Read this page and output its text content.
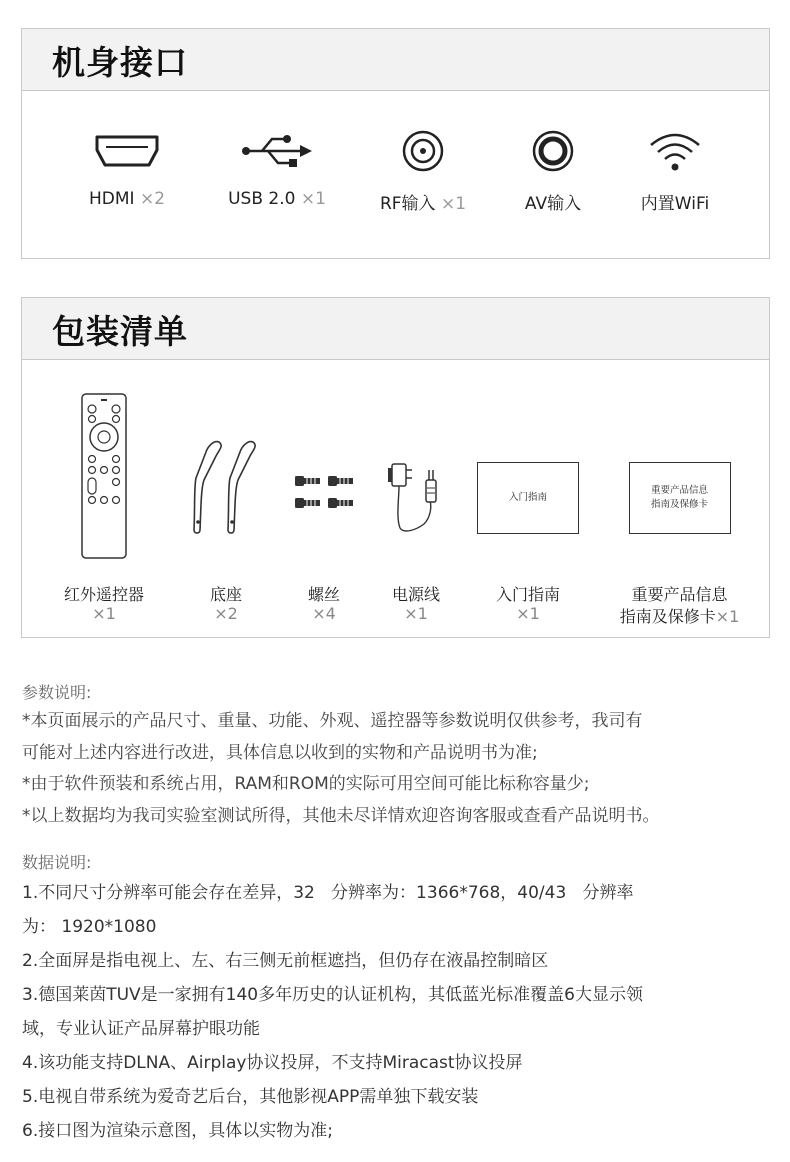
机身接口
HDMI ×2	USB 2.0 ×1	RF输入 ×1	AV输入	内置WiFi
包装清单
红外遥控器
×1
底座
×2
螺丝
×4
电源线
×1
入门指南
入门指南
×1
重要产品信息
指南及保修卡
重要产品信息
指南及保修卡×1
参数说明:

*本页面展示的产品尺寸、重量、功能、外观、遥控器等参数说明仅供参考，我司有

可能对上述内容进行改进，具体信息以收到的实物和产品说明书为准;

*由于软件预装和系统占用，RAM和ROM的实际可用空间可能比标称容量少;

*以上数据均为我司实验室测试所得，其他未尽详情欢迎咨询客服或查看产品说明书。

数据说明:

1.不同尺寸分辨率可能会存在差异，32   分辨率为：1366*768，40/43   分辨率

为： 1920*1080

2.全面屏是指电视上、左、右三侧无前框遮挡，但仍存在液晶控制暗区

3.德国莱茵TUV是一家拥有140多年历史的认证机构，其低蓝光标准覆盖6大显示领

域，专业认证产品屏幕护眼功能

4.该功能支持DLNA、Airplay协议投屏，不支持Miracast协议投屏

5.电视自带系统为爱奇艺后台，其他影视APP需单独下载安装

6.接口图为渲染示意图，具体以实物为准;
